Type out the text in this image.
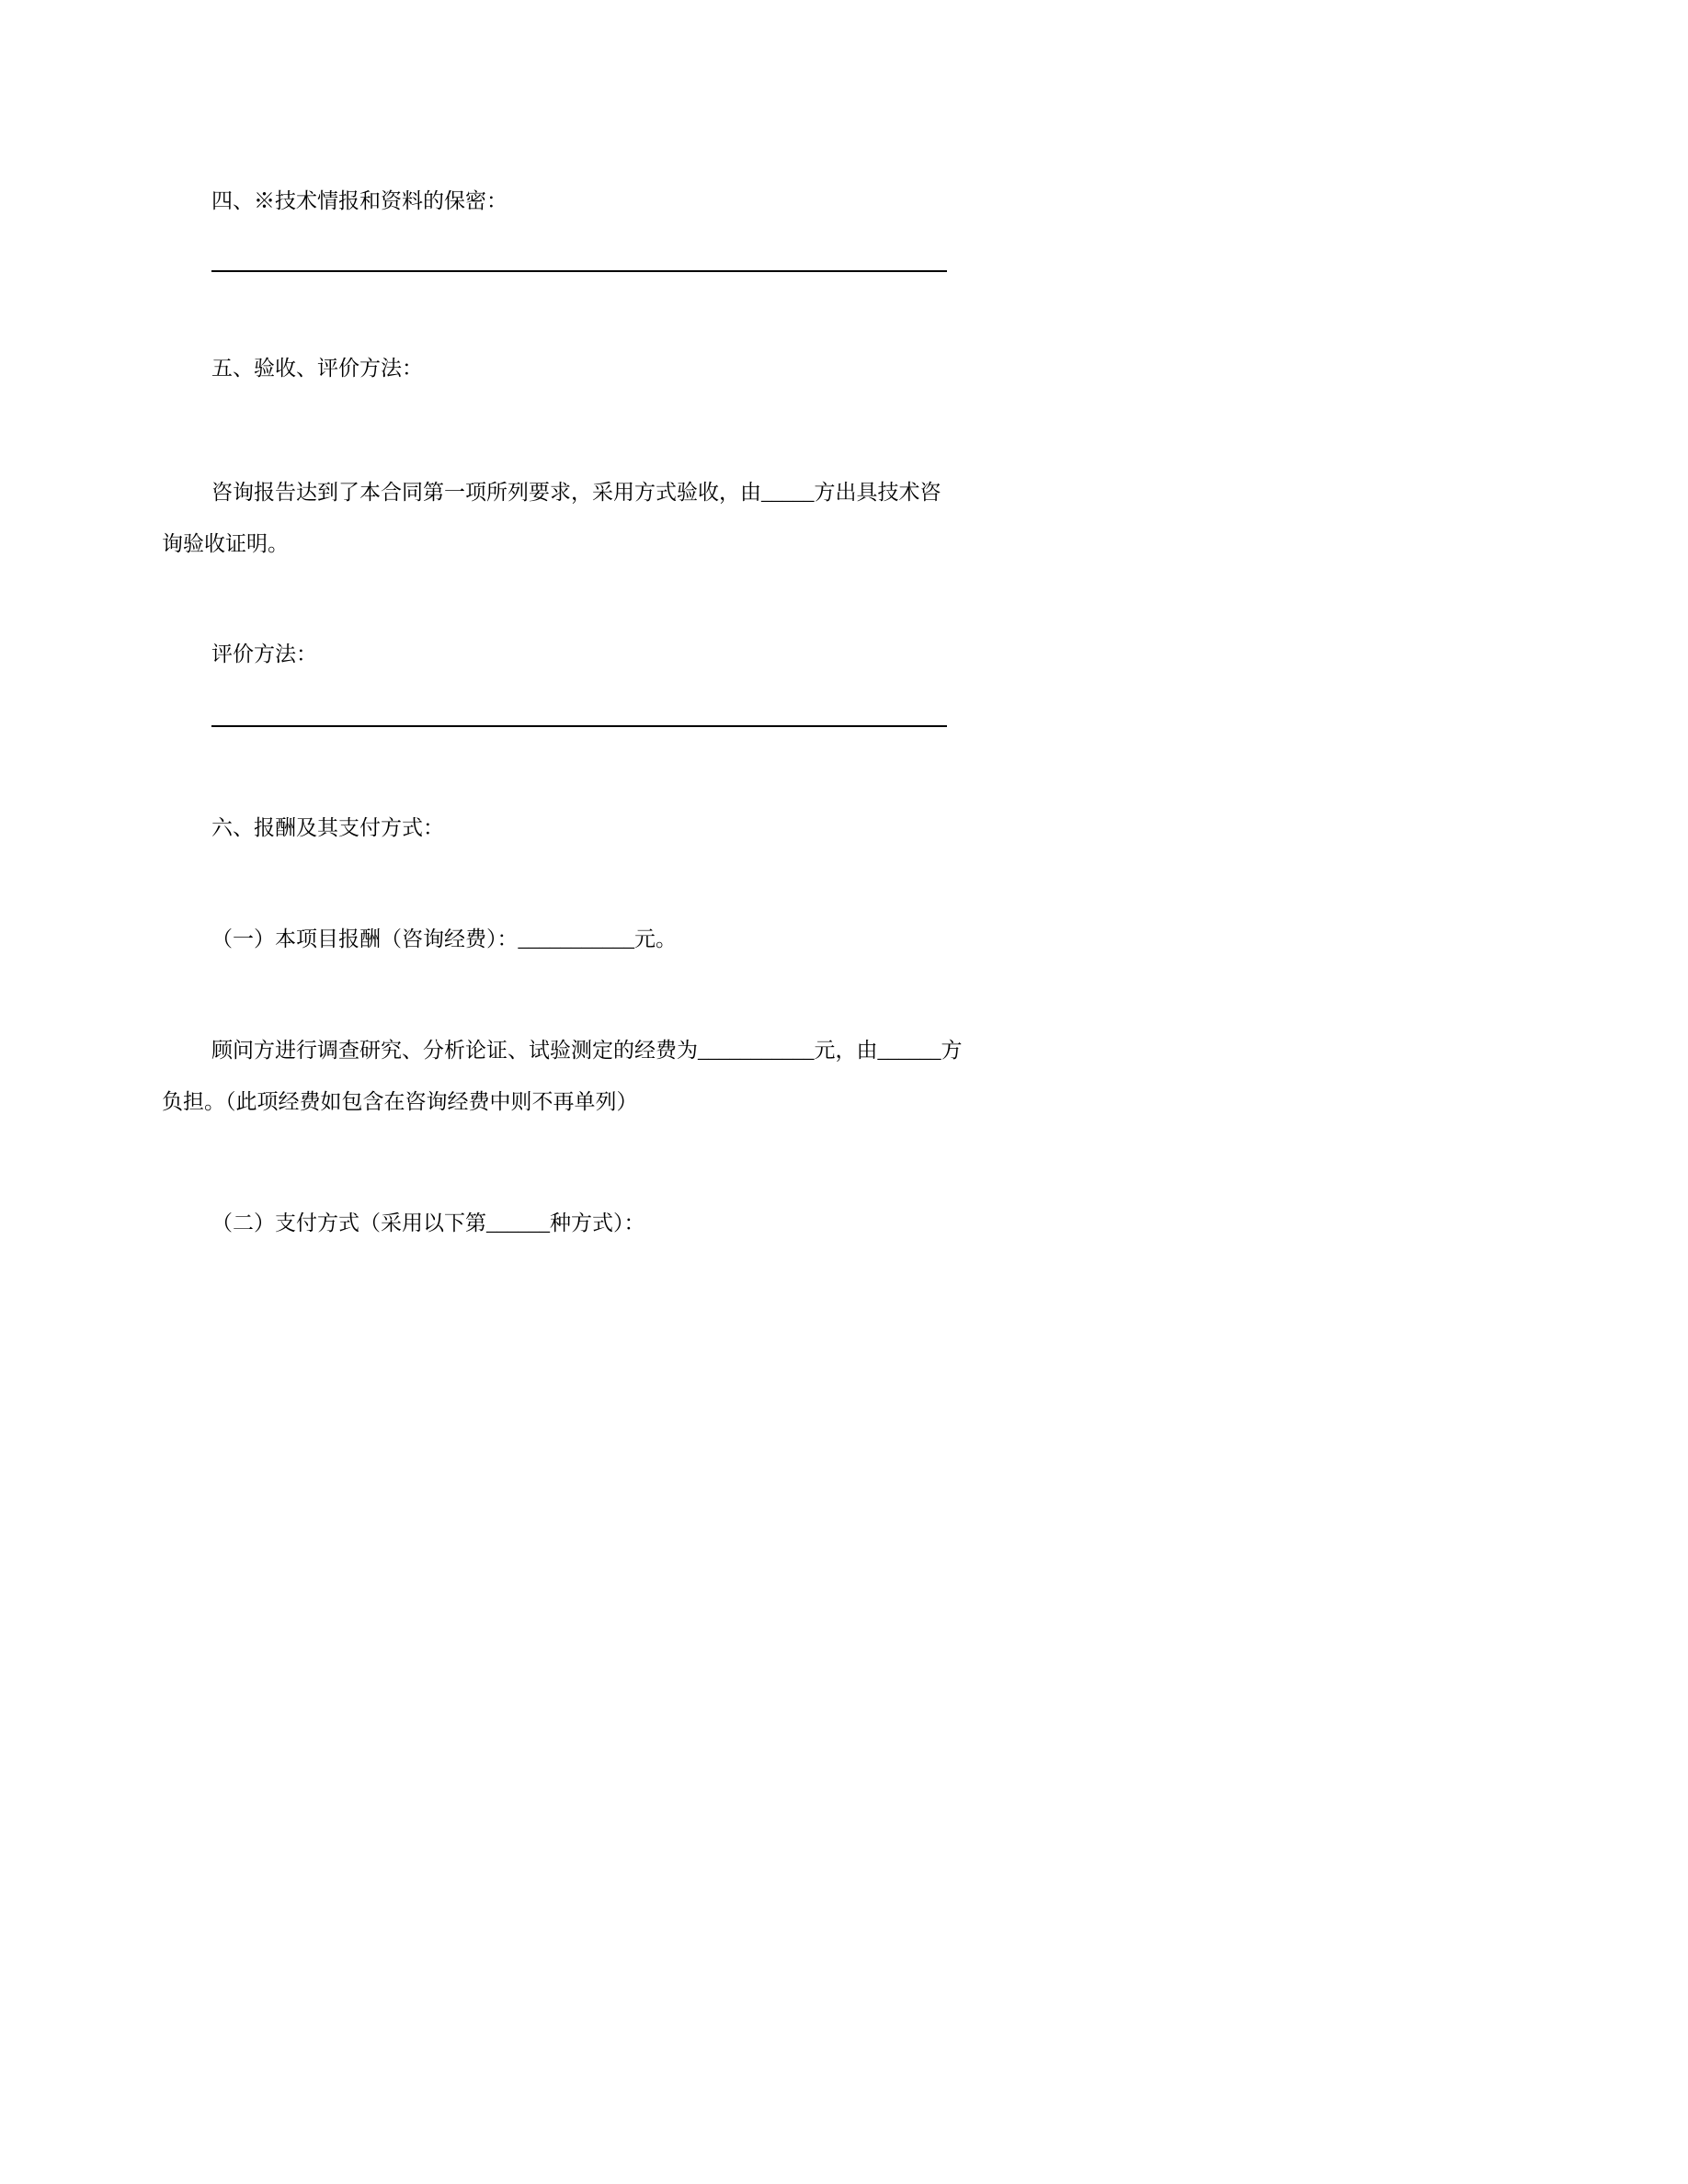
四、※技术情报和资料的保密：
五、验收、评价方法：
咨询报告达到了本合同第一项所列要求，采用方式验收，由_____方出具技术咨
询验收证明。
评价方法：
六、报酬及其支付方式：
（一）本项目报酬（咨询经费）：___________元。
顾问方进行调查研究、分析论证、试验测定的经费为___________元，由______方
负担。（此项经费如包含在咨询经费中则不再单列）
（二）支付方式（采用以下第______种方式）：
